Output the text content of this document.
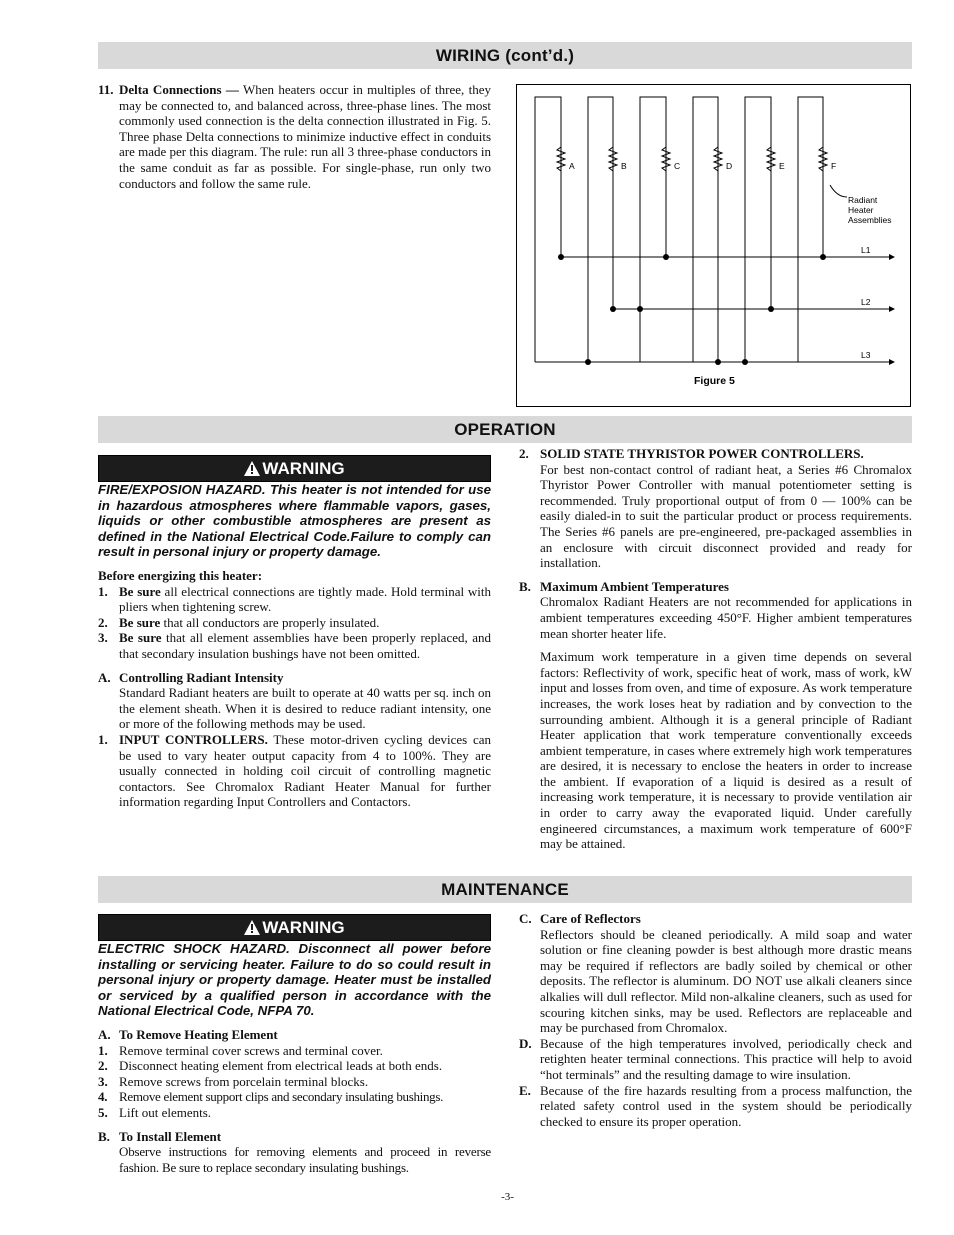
WIRING (cont’d.)
OPERATION
MAINTENANCE

11. Delta Connections — When heaters occur in multiples of three, they may be connected to, and balanced across, three-phase lines. The most commonly used connection is the delta connection illustrated in Fig. 5. Three phase Delta connections to minimize inductive effect in conduits are made per this diagram. The rule: run all 3 three-phase conductors in the same conduit as far as possible. For single-phase, run only two conductors and follow the same rule.

A	B	C	D	E	F
Radiant
Heater
Assemblies
L1
L2
L3
Figure 5
WARNING

FIRE/EXPOSION HAZARD. This heater is not intended for use in hazardous atmospheres where flammable vapors, gases, liquids or other combustible atmospheres are present as defined in the National Electrical Code.Failure to comply can result in personal injury or property damage.

Before energizing this heater:

1. Be sure all electrical connections are tightly made. Hold terminal with pliers when tightening screw.

2. Be sure that all conductors are properly insulated.

3. Be sure that all element assemblies have been properly replaced, and that secondary insulation bushings have not been omitted.

A. Controlling Radiant Intensity

Standard Radiant heaters are built to operate at 40 watts per sq. inch on the element sheath. When it is desired to reduce radiant intensity, one or more of the following methods may be used.

1. INPUT CONTROLLERS. These motor-driven cycling devices can be used to vary heater output capacity from 4 to 100%. They are usually connected in holding coil circuit of controlling magnetic contactors. See Chromalox Radiant Heater Manual for further information regarding Input Controllers and Contactors.

2. SOLID STATE THYRISTOR POWER CONTROLLERS.

For best non-contact control of radiant heat, a Series #6 Chromalox Thyristor Power Controller with manual potentiometer setting is recommended. Truly proportional output of from 0 — 100% can be easily dialed-in to suit the particular product or process requirements. The Series #6 panels are pre-engineered, pre-packaged assemblies in an enclosure with circuit disconnect provided and ready for installation.

B. Maximum Ambient Temperatures

Chromalox Radiant Heaters are not recommended for applications in ambient temperatures exceeding 450°F. Higher ambient temperatures mean shorter heater life.

Maximum work temperature in a given time depends on several factors: Reflectivity of work, specific heat of work, mass of work, kW input and losses from oven, and time of exposure. As work temperature increases, the work loses heat by radiation and by convection to the surrounding ambient. Although it is a general principle of Radiant Heater application that work temperature conventionally exceeds ambient temperature, in cases where extremely high work temperatures are desired, it is necessary to enclose the heaters in order to increase the ambient. If evaporation of a liquid is desired as a result of increasing work temperature, it is necessary to provide ventilation air in order to carry away the evaporated liquid. Under carefully engineered circumstances, a maximum work temperature of 600°F may be attained.

WARNING

ELECTRIC SHOCK HAZARD. Disconnect all power before installing or servicing heater. Failure to do so could result in personal injury or property damage. Heater must be installed or serviced by a qualified person in accordance with the National Electrical Code, NFPA 70.

A. To Remove Heating Element

1. Remove terminal cover screws and terminal cover.

2. Disconnect heating element from electrical leads at both ends.

3. Remove screws from porcelain terminal blocks.

4. Remove element support clips and secondary insulating bushings.

5. Lift out elements.

B. To Install Element

Observe instructions for removing elements and proceed in reverse fashion. Be sure to replace secondary insulating bushings.

C. Care of Reflectors

Reflectors should be cleaned periodically. A mild soap and water solution or fine cleaning powder is best although more drastic means may be required if reflectors are badly soiled by chemical or other deposits. The reflector is aluminum. DO NOT use alkali cleaners since alkalies will dull reflector. Mild non-alkaline cleaners, such as used for scouring kitchen sinks, may be used. Reflectors are replaceable and may be purchased from Chromalox.

D. Because of the high temperatures involved, periodically check and retighten heater terminal connections. This practice will help to avoid “hot terminals” and the resulting damage to wire insulation.

E. Because of the fire hazards resulting from a process malfunction, the related safety control used in the system should be periodically checked to ensure its proper operation.

-3-
